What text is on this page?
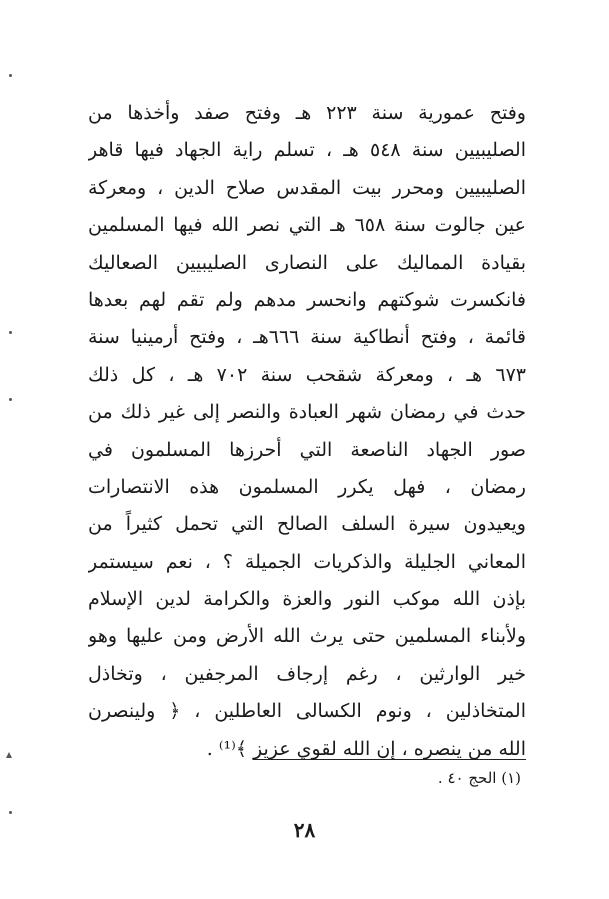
وفتح عمورية سنة ٢٢٣ هـ وفتح صفد وأخذها من
الصليبيين سنة ٥٤٨ هـ ، تسلم راية الجهاد فيها قاهر
الصليبيين ومحرر بيت المقدس صلاح الدين ، ومعركة
عين جالوت سنة ٦٥٨ هـ التي نصر الله فيها المسلمين
بقيادة المماليك على النصارى الصليبيين الصعاليك
فانكسرت شوكتهم وانحسر مدهم ولم تقم لهم بعدها
قائمة ، وفتح أنطاكية سنة ٦٦٦هـ ، وفتح أرمينيا سنة
٦٧٣ هـ ، ومعركة شقحب سنة ٧٠٢ هـ ، كل ذلك
حدث في رمضان شهر العبادة والنصر إلى غير ذلك من
صور الجهاد الناصعة التي أحرزها المسلمون في
رمضان ، فهل يكرر المسلمون هذه الانتصارات
ويعيدون سيرة السلف الصالح التي تحمل كثيراً من
المعاني الجليلة والذكريات الجميلة ؟ ، نعم سيستمر
بإذن الله موكب النور والعزة والكرامة لدين الإسلام
ولأبناء المسلمين حتى يرث الله الأرض ومن عليها وهو
خير الوارثين ، رغم إرجاف المرجفين ، وتخاذل
المتخاذلين ، ونوم الكسالى العاطلين ، ﴿ ولينصرن
الله من ينصره ، إن الله لقوي عزيز ﴾⁽¹⁾ .
(١) الحج ٤٠ .
٢٨
